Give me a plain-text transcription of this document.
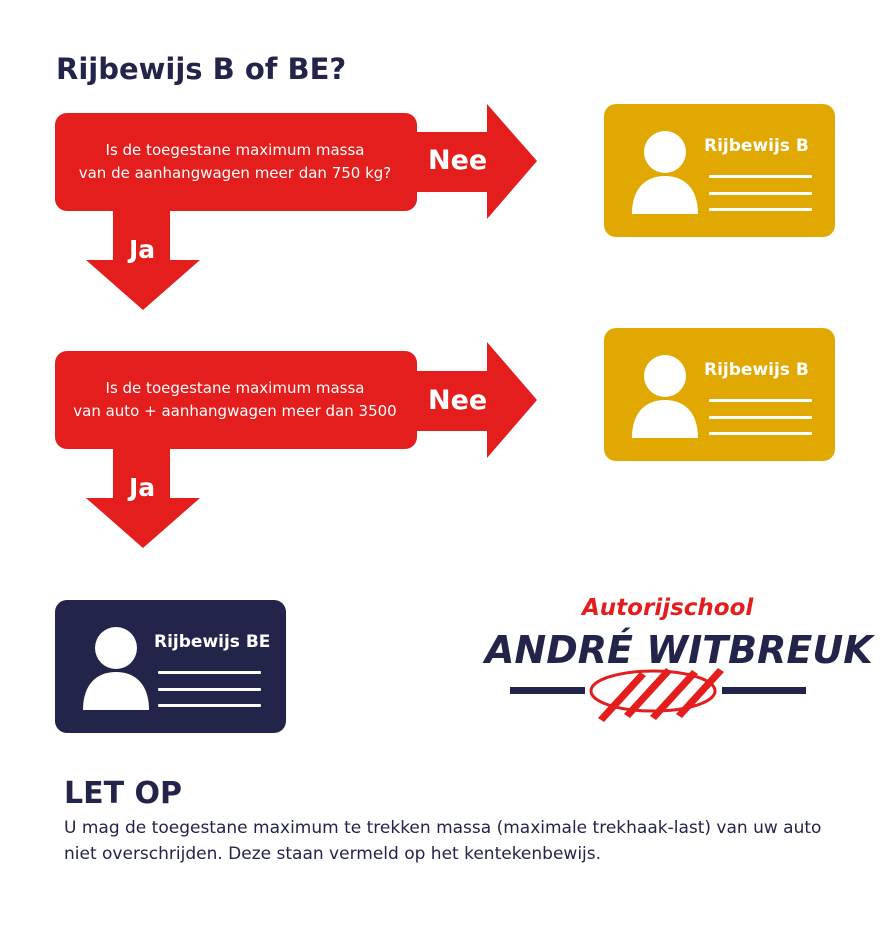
Rijbewijs B of BE?
Is de toegestane maximum massa
van de aanhangwagen meer dan 750 kg?	Nee
Ja
Is de toegestane maximum massa
van auto + aanhangwagen meer dan 3500	Nee
Ja
Rijbewijs B
Rijbewijs B
Rijbewijs BE
Autorijschool
ANDRÉ WITBREUK
LET OP

U mag de toegestane maximum te trekken massa (maximale trekhaak-last) van uw auto niet overschrijden. Deze staan vermeld op het kentekenbewijs.
